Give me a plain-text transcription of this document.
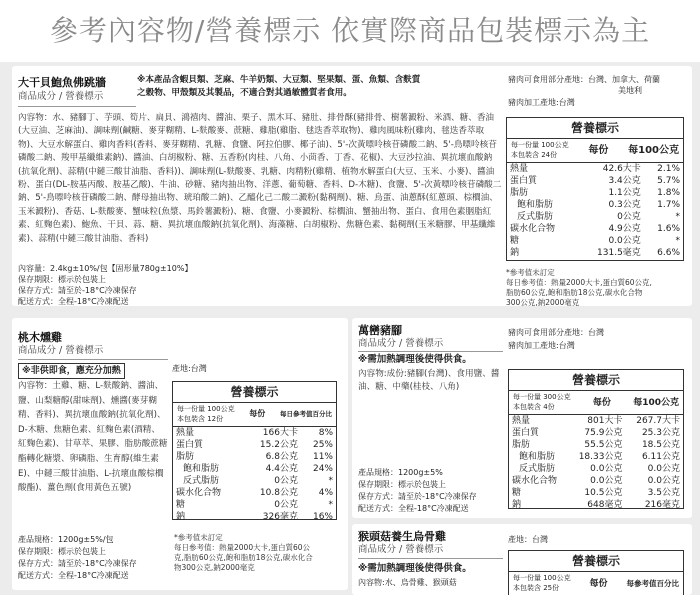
參考內容物/營養標示 依實際商品包裝標示為主
大干貝鮑魚佛跳牆
商品成分 / 營養標示
※本產品含蝦貝類、芝麻、牛羊奶類、大豆類、堅果類、蛋、魚類、含麩質
之穀物、甲殼類及其製品，不適合對其過敏體質者食用。
豬肉可食用部分產地：台灣、加拿大、荷蘭
美地利
豬肉加工產地:台灣
內容物：水、豬腳丁、芋頭、筍片、扁貝、鴻禧肉、醬油、栗子、黑木耳、豬肚、排骨酥(豬排骨、樹薯澱粉、米酒、糖、香油(大豆油、芝麻油)、調味劑(鹹糖、麥芽糊精、L-麩酸麥、蔗糖、雞脂(雞脂、毬迭香萃取物)、雞肉風味粉(雞肉、毬迭香萃取物)、大豆水解蛋白、雞肉香料(香料、麥芽糊精、乳糖、食鹽、阿拉伯膠、椰子油)、5'-次黃嘌呤核苷磷酸二鈉、5'-鳥嘌呤核苷磷酸二鈉、羧甲基纖維素鈉)、醬油、白胡椒粉、糖、五香粉(肉桂、八角、小茴香、丁香、花椒)、大豆沙拉油、異抗壞血酸鈉(抗氧化劑)、蒜精(中鏈三酸甘油脂、香料))、調味劑(L-麩酸麥、乳糖、肉精粉(雞精、植物水解蛋白(大豆、玉米、小麥)、醬油粉、蛋白(DL-胺基丙酸、胺基乙酸)、牛油、砂糖、豬肉抽出物、洋蔥、葡萄糖、香料、D-木糖)、食鹽、5'-次黃嘌呤核苷磷酸二鈉、5'-鳥嘌呤核苷磷酸二鈉、酵母抽出物、琥珀酸二鈉)、乙醯化己二酸二澱粉(黏稠劑)、糖、烏蛋、油蔥酥(紅蔥頭、棕櫚油、玉米澱粉)、香菇、L-麩酸麥、蟹味粒(魚漿、馬鈴薯澱粉)、糖、食鹽、小麥澱粉、棕櫚油、蟹抽出物、蛋白、食用色素胭脂紅素、紅麴色素)、鮑魚、干貝、蒜、糖、異抗壞血酸鈉(抗氧化劑)、海藻糖、白胡椒粉、焦糖色素、黏稠劑(玉米糖膠、甲基纖維素)、蒜精(中鏈三酸甘油脂、香料)
內容量：2.4kg±10%/包【固形量780g±10%】
保存期限：標示於包裝上
保存方式：請至於-18°C冷凍保存
配送方式：全程-18°C冷凍配送
營養標示
每一份量 100公克
本包裝含 24份	每份 每100公克
熱量	42.6大卡	2.1%
蛋白質	3.4公克	5.7%
脂肪	1.1公克	1.8%
飽和脂肪	0.3公克	1.7%
反式脂肪	0公克	*
碳水化合物	4.9公克	1.6%
糖	0.0公克	*
鈉	131.5毫克	6.6%
*參考值未訂定
每日參考值：熱量2000大卡,蛋白質60公克,
脂肪60公克,飽和脂肪18公克,碳水化合物
300公克,鈉2000毫克
桃木燻雞
商品成分 / 營養標示
※非供即食，應充分加熱	產地:台灣
內容物：土雞、糖、L-麩酸鈉、醬油、鹽、山梨糖醇(甜味劑)、燻醬(麥芽糊精、香料)、異抗壞血酸鈉(抗氧化劑)、D-木糖、焦糖色素、紅麴色素(酒精、紅麴色素)、甘草萃、果膠、脂肪酸蔗糖酯轉化糖漿、卵磷脂、生育醇(維生素E)、中鏈三酸甘油脂、L-抗壞血酸棕櫚酸酯)、薑色劑(食用黃色五號)
營養標示
每一份量 100公克
本包裝含 12份
每份 每日參考值百分比
熱量	166大卡	8%
蛋白質	15.2公克	25%
脂肪	6.8公克	11%
飽和脂肪	4.4公克	24%
反式脂肪	0公克	*
碳水化合物	10.8公克	4%
糖	0公克	*
鈉	326毫克	16%
產品規格：1200g±5%/包
保存期限：標示於包裝上
保存方式：請至於-18°C冷凍保存
配送方式：全程-18°C冷凍配送
*參考值未訂定
每日參考值：熱量2000大卡,蛋白質60公
克,脂肪60公克,飽和脂肪18公克,碳水化合
物300公克,鈉2000毫克
萬巒豬腳
商品成分 / 營養標示
※需加熱調理後使得供食。
豬肉可食用部分產地：台灣
豬肉加工產地:台灣
內容物:成份:豬腳(台灣)、食用鹽、醬油、糖、中藥(桂枝、八角)	營養標示
每一份量 300公克
本包裝含 4份	每份 每100公克
熱量	801大卡	267.7大卡
蛋白質	75.9公克	25.3公克
脂肪	55.5公克	18.5公克
飽和脂肪	18.33公克	6.11公克
反式脂肪	0.0公克	0.0公克
碳水化合物	0.0公克	0.0公克
糖	10.5公克	3.5公克
鈉	648毫克	216毫克
產品規格：1200g±5%
保存期限：標示於包裝上
保存方式：請至於-18°C冷凍保存
配送方式：全程-18°C冷凍配送
猴頭菇養生烏骨雞
商品成分 / 營養標示
※需加熱調理後使得供食。
產地：台灣
內容物:水、烏骨雞、猴頭菇
營養標示
每一份量 100公克
本包裝含 25份	每份	每參考值百分比
